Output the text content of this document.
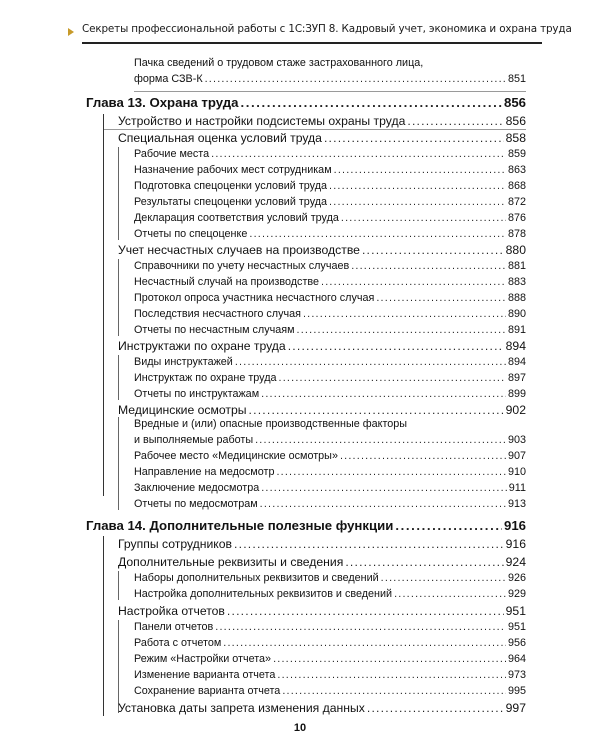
Секреты профессиональной работы с 1С:ЗУП 8. Кадровый учет, экономика и охрана труда
Пачка сведений о трудовом стаже застрахованного лица,
форма СЗВ-К .....	851
Глава 13. Охрана труда .....	856
Устройство и настройки подсистемы охраны труда .....	856
Специальная оценка условий труда .....	858
Рабочие места .....	859
Назначение рабочих мест сотрудникам .....	863
Подготовка спецоценки условий труда .....	868
Результаты спецоценки условий труда .....	872
Декларация соответствия условий труда .....	876
Отчеты по спецоценке .....	878
Учет несчастных случаев на производстве .....	880
Справочники по учету несчастных случаев .....	881
Несчастный случай на производстве .....	883
Протокол опроса участника несчастного случая .....	888
Последствия несчастного случая .....	890
Отчеты по несчастным случаям .....	891
Инструктажи по охране труда .....	894
Виды инструктажей .....	894
Инструктаж по охране труда .....	897
Отчеты по инструктажам .....	899
Медицинские осмотры .....	902
Вредные и (или) опасные производственные факторы
и выполняемые работы .....	903
Рабочее место «Медицинские осмотры» .....	907
Направление на медосмотр .....	910
Заключение медосмотра .....	911
Отчеты по медосмотрам .....	913
Глава 14. Дополнительные полезные функции .....	916
Группы сотрудников .....	916
Дополнительные реквизиты и сведения .....	924
Наборы дополнительных реквизитов и сведений .....	926
Настройка дополнительных реквизитов и сведений .....	929
Настройка отчетов .....	951
Панели отчетов .....	951
Работа с отчетом .....	956
Режим «Настройки отчета» .....	964
Изменение варианта отчета .....	973
Сохранение варианта отчета .....	995
Установка даты запрета изменения данных .....	997
10
